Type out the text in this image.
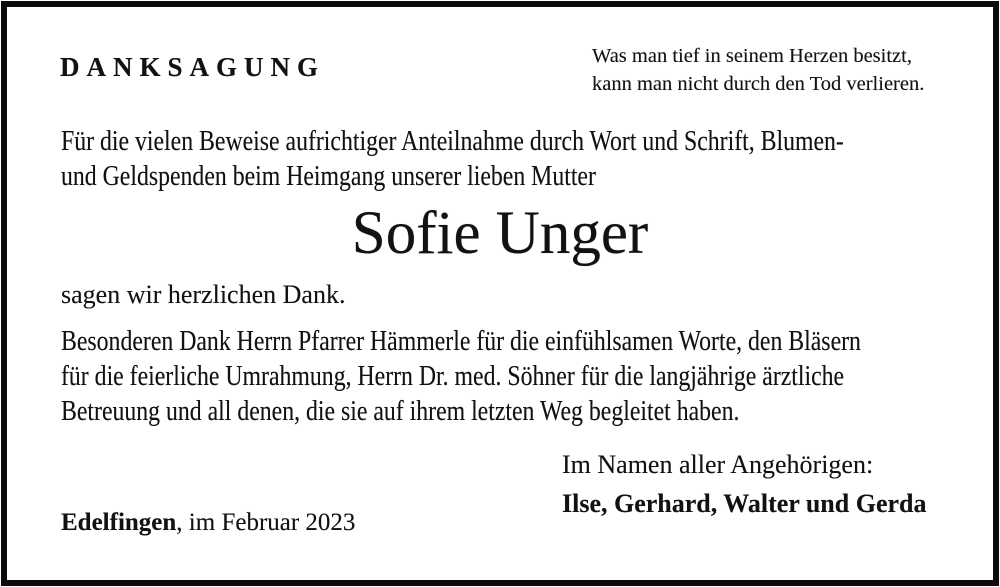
DANKSAGUNG	Was man tief in seinem Herzen besitzt,
kann man nicht durch den Tod verlieren.
Für die vielen Beweise aufrichtiger Anteilnahme durch Wort und Schrift, Blumen-
und Geldspenden beim Heimgang unserer lieben Mutter
Sofie Unger
sagen wir herzlichen Dank.
Besonderen Dank Herrn Pfarrer Hämmerle für die einfühlsamen Worte, den Bläsern
für die feierliche Umrahmung, Herrn Dr. med. Söhner für die langjährige ärztliche
Betreuung und all denen, die sie auf ihrem letzten Weg begleitet haben.
Im Namen aller Angehörigen:
Ilse, Gerhard, Walter und Gerda
Edelfingen, im Februar 2023
